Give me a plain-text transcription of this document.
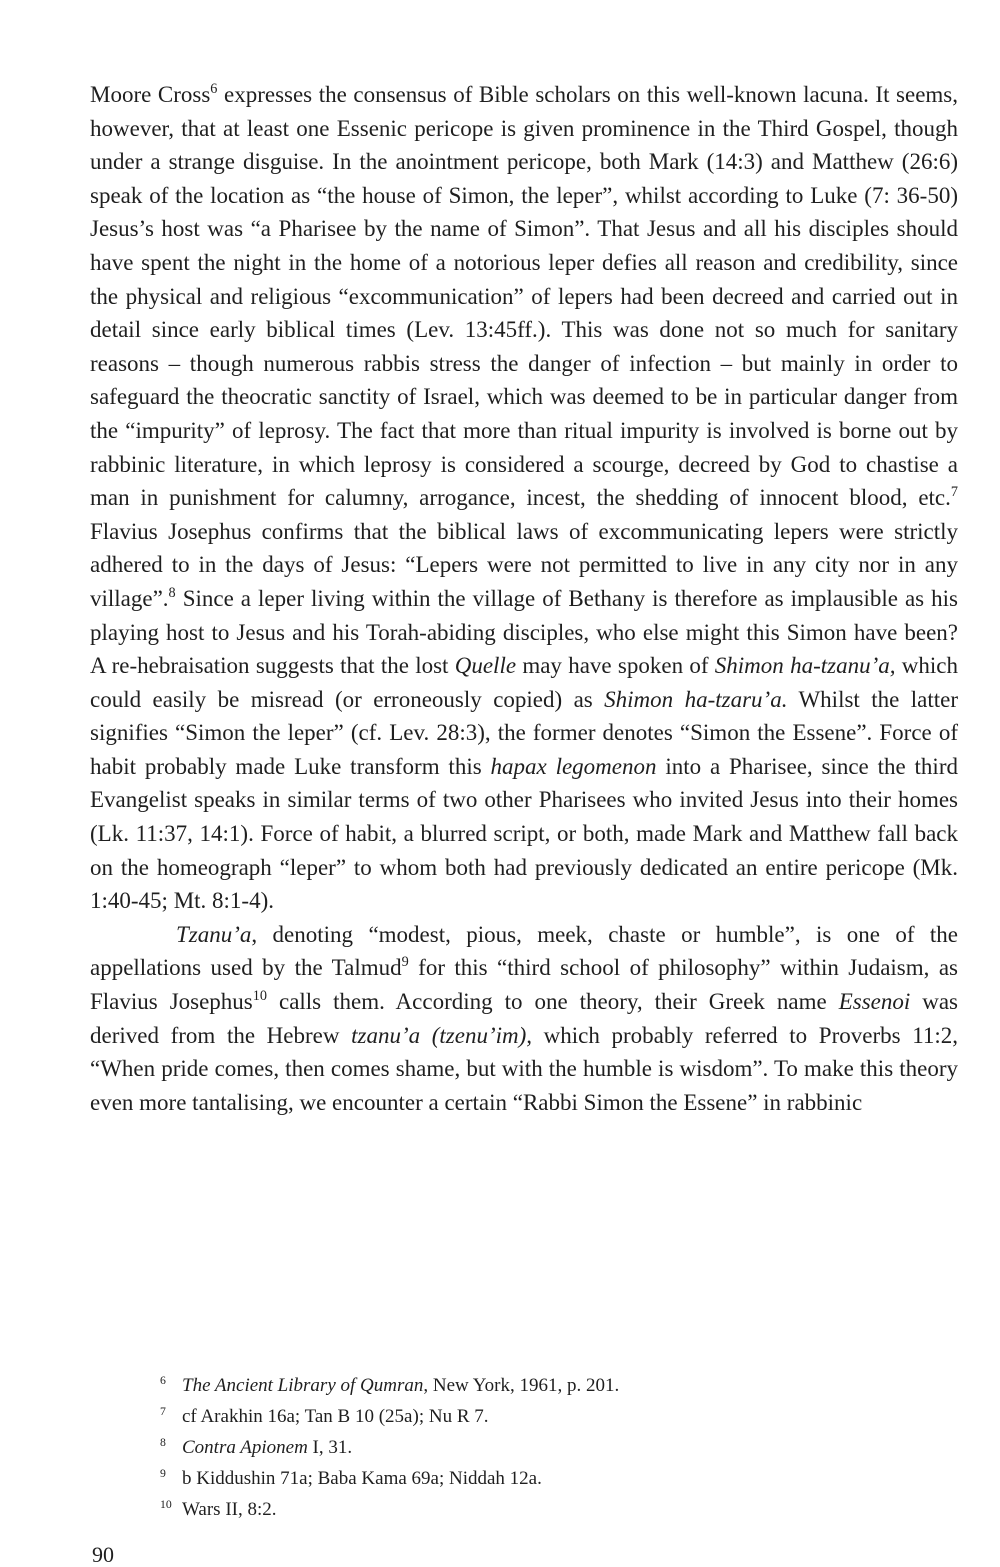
Moore Cross$^6$ expresses the consensus of Bible scholars on this well-known lacuna. It seems, however, that at least one Essenic pericope is given prominence in the Third Gospel, though under a strange disguise. In the anointment pericope, both Mark (14:3) and Matthew (26:6) speak of the location as “the house of Simon, the leper”, whilst according to Luke (7: 36-50) Jesus’s host was “a Pharisee by the name of Simon”. That Jesus and all his disciples should have spent the night in the home of a notorious leper defies all reason and credibility, since the physical and religious “excommunication” of lepers had been decreed and carried out in detail since early biblical times (Lev. 13:45ff.). This was done not so much for sanitary reasons – though numerous rabbis stress the danger of infection – but mainly in order to safeguard the theocratic sanctity of Israel, which was deemed to be in particular danger from the “impurity” of leprosy. The fact that more than ritual impurity is involved is borne out by rabbinic literature, in which leprosy is considered a scourge, decreed by God to chastise a man in punishment for calumny, arrogance, incest, the shedding of innocent blood, etc.$^7$ Flavius Josephus confirms that the biblical laws of excommunicating lepers were strictly adhered to in the days of Jesus: “Lepers were not permitted to live in any city nor in any village”.$^8$ Since a leper living within the village of Bethany is therefore as implausible as his playing host to Jesus and his Torah-abiding disciples, who else might this Simon have been? A re-hebraisation suggests that the lost Quelle may have spoken of Shimon ha-tzanu’a, which could easily be misread (or erroneously copied) as Shimon ha-tzaru’a. Whilst the latter signifies “Simon the leper” (cf. Lev. 28:3), the former denotes “Simon the Essene”. Force of habit probably made Luke transform this hapax legomenon into a Pharisee, since the third Evangelist speaks in similar terms of two other Pharisees who invited Jesus into their homes (Lk. 11:37, 14:1). Force of habit, a blurred script, or both, made Mark and Matthew fall back on the homeograph “leper” to whom both had previously dedicated an entire pericope (Mk. 1:40-45; Mt. 8:1-4).

Tzanu’a, denoting “modest, pious, meek, chaste or humble”, is one of the appellations used by the Talmud$^9$ for this “third school of philosophy” within Judaism, as Flavius Josephus$^{10}$ calls them. According to one theory, their Greek name Essenoi was derived from the Hebrew tzanu’a (tzenu’im), which probably referred to Proverbs 11:2, “When pride comes, then comes shame, but with the humble is wisdom”. To make this theory even more tantalising, we encounter a certain “Rabbi Simon the Essene” in rabbinic

$^6$ The Ancient Library of Qumran, New York, 1961, p. 201.
$^7$ cf Arakhin 16a; Tan B 10 (25a); Nu R 7.
$^8$ Contra Apionem I, 31.
$^9$ b Kiddushin 71a; Baba Kama 69a; Niddah 12a.
$^{10}$ Wars II, 8:2.
90
